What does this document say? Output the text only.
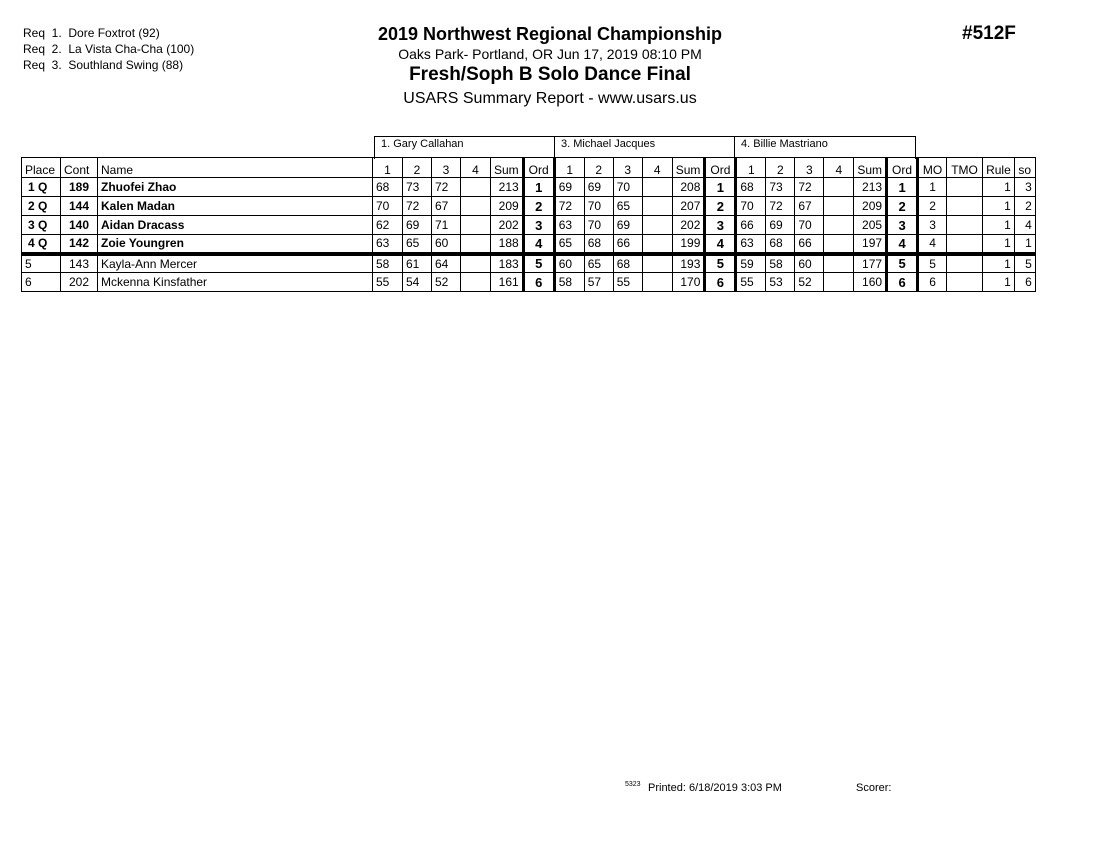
Req  1.  Dore Foxtrot (92)
Req  2.  La Vista Cha-Cha (100)
Req  3.  Southland Swing (88)
2019 Northwest Regional Championship
Oaks Park- Portland, OR Jun 17, 2019 08:10 PM
Fresh/Soph B Solo Dance Final
USARS Summary Report - www.usars.us
#512F
1. Gary Callahan	3. Michael Jacques	4. Billie Mastriano
Place	Cont	Name	1	2	3	4	Sum	Ord	1	2	3	4	Sum	Ord	1	2	3	4	Sum	Ord	MO	TMO	Rule	so
1 Q	189	Zhuofei Zhao	68	73	72		213	1	69	69	70		208	1	68	73	72		213	1	1		1	3
2 Q	144	Kalen Madan	70	72	67		209	2	72	70	65		207	2	70	72	67		209	2	2		1	2
3 Q	140	Aidan Dracass	62	69	71		202	3	63	70	69		202	3	66	69	70		205	3	3		1	4
4 Q	142	Zoie Youngren	63	65	60		188	4	65	68	66		199	4	63	68	66		197	4	4		1	1
5	143	Kayla-Ann Mercer	58	61	64		183	5	60	65	68		193	5	59	58	60		177	5	5		1	5
6	202	Mckenna Kinsfather	55	54	52		161	6	58	57	55		170	6	55	53	52		160	6	6		1	6
5323 Printed: 6/18/2019 3:03 PM	Scorer:
